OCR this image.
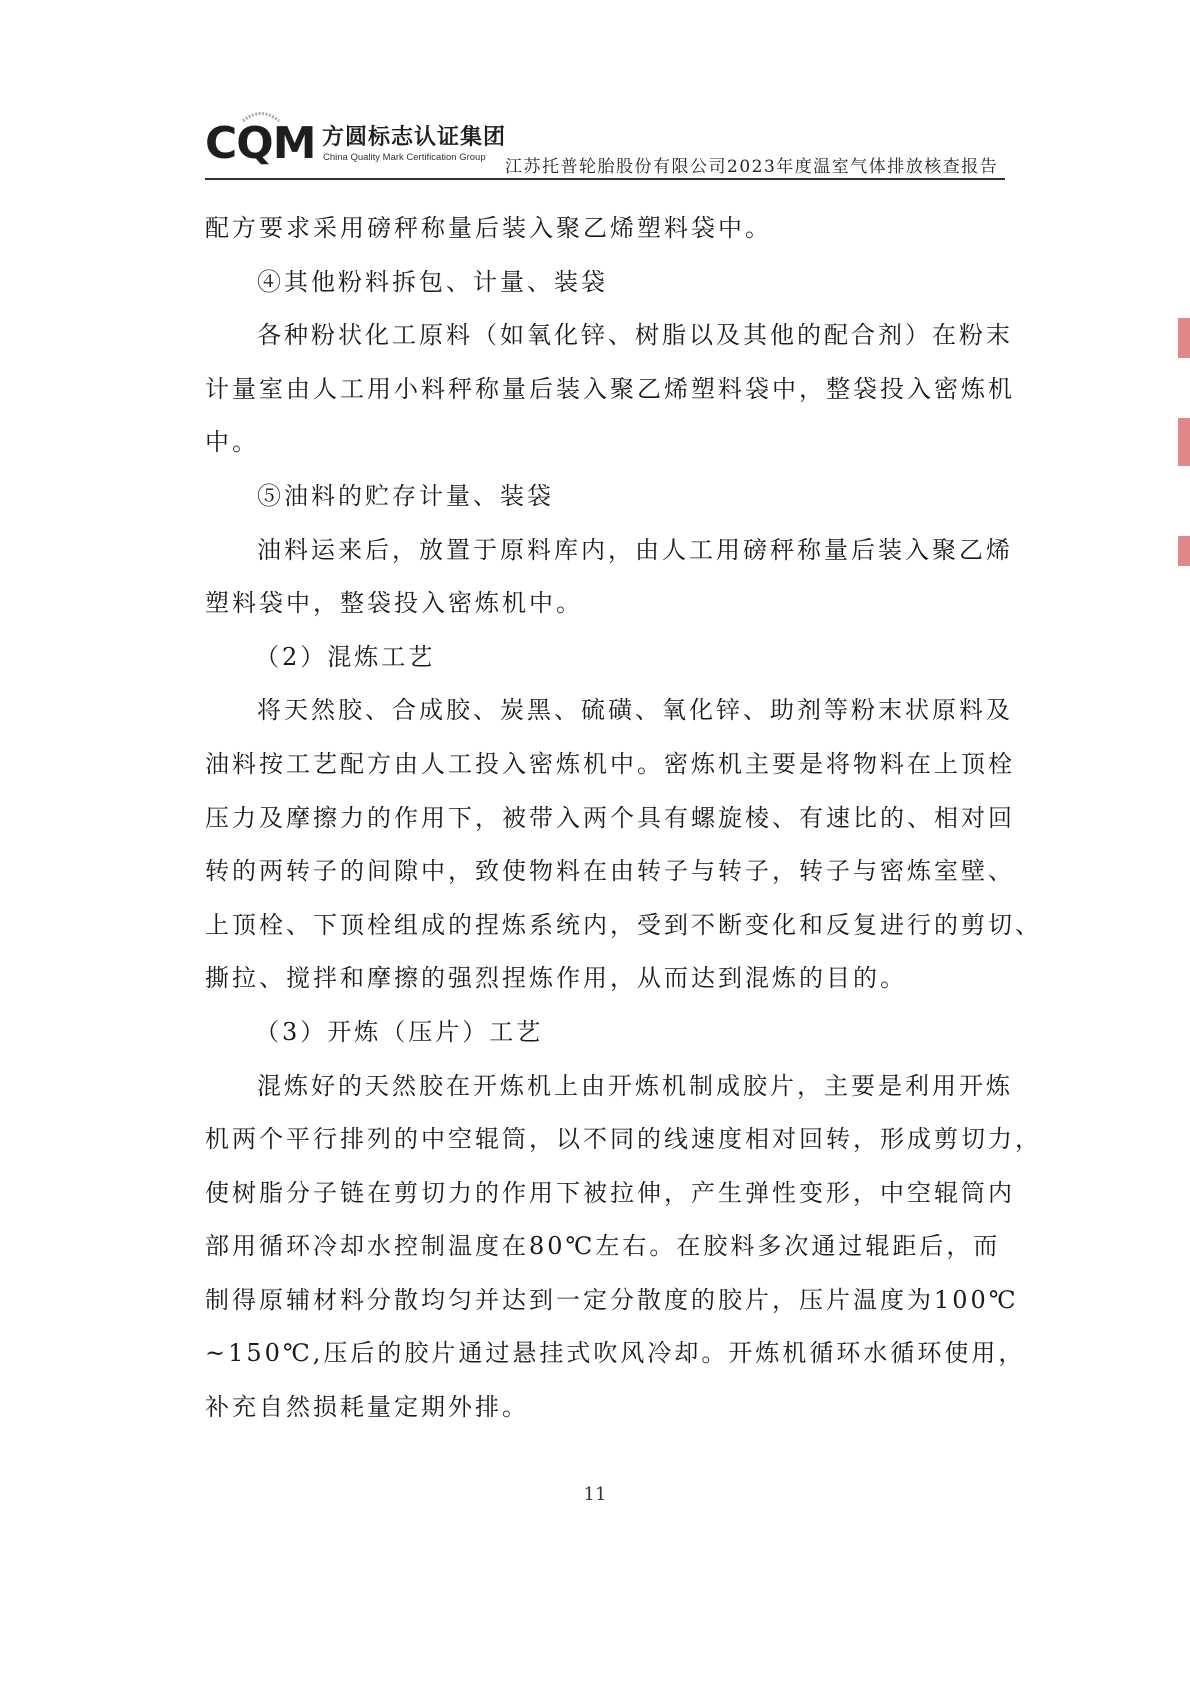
CQM 方圆标志认证集团
China Quality Mark Certification Group 江苏托普轮胎股份有限公司2023年度温室气体排放核查报告
配方要求采用磅秤称量后装入聚乙烯塑料袋中。
④其他粉料拆包、计量、装袋
各种粉状化工原料（如氧化锌、树脂以及其他的配合剂）在粉末
计量室由人工用小料秤称量后装入聚乙烯塑料袋中，整袋投入密炼机
中。
⑤油料的贮存计量、装袋
油料运来后，放置于原料库内，由人工用磅秤称量后装入聚乙烯
塑料袋中，整袋投入密炼机中。
（2）混炼工艺
将天然胶、合成胶、炭黑、硫磺、氧化锌、助剂等粉末状原料及
油料按工艺配方由人工投入密炼机中。密炼机主要是将物料在上顶栓
压力及摩擦力的作用下，被带入两个具有螺旋棱、有速比的、相对回
转的两转子的间隙中，致使物料在由转子与转子，转子与密炼室壁、
上顶栓、下顶栓组成的捏炼系统内，受到不断变化和反复进行的剪切、
撕拉、搅拌和摩擦的强烈捏炼作用，从而达到混炼的目的。
（3）开炼（压片）工艺
混炼好的天然胶在开炼机上由开炼机制成胶片，主要是利用开炼
机两个平行排列的中空辊筒，以不同的线速度相对回转，形成剪切力，
使树脂分子链在剪切力的作用下被拉伸，产生弹性变形，中空辊筒内
部用循环冷却水控制温度在80℃左右。在胶料多次通过辊距后，而
制得原辅材料分散均匀并达到一定分散度的胶片，压片温度为100℃
~150℃,压后的胶片通过悬挂式吹风冷却。开炼机循环水循环使用，
补充自然损耗量定期外排。
11
